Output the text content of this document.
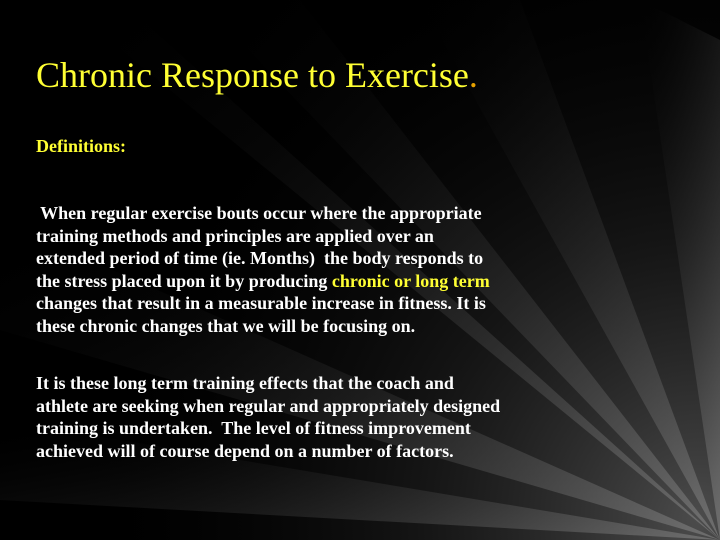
Chronic Response to Exercise.
Definitions:
When regular exercise bouts occur where the appropriate
training methods and principles are applied over an
extended period of time (ie. Months)  the body responds to
the stress placed upon it by producing chronic or long term
changes that result in a measurable increase in fitness. It is
these chronic changes that we will be focusing on.
It is these long term training effects that the coach and
athlete are seeking when regular and appropriately designed
training is undertaken.  The level of fitness improvement
achieved will of course depend on a number of factors.
